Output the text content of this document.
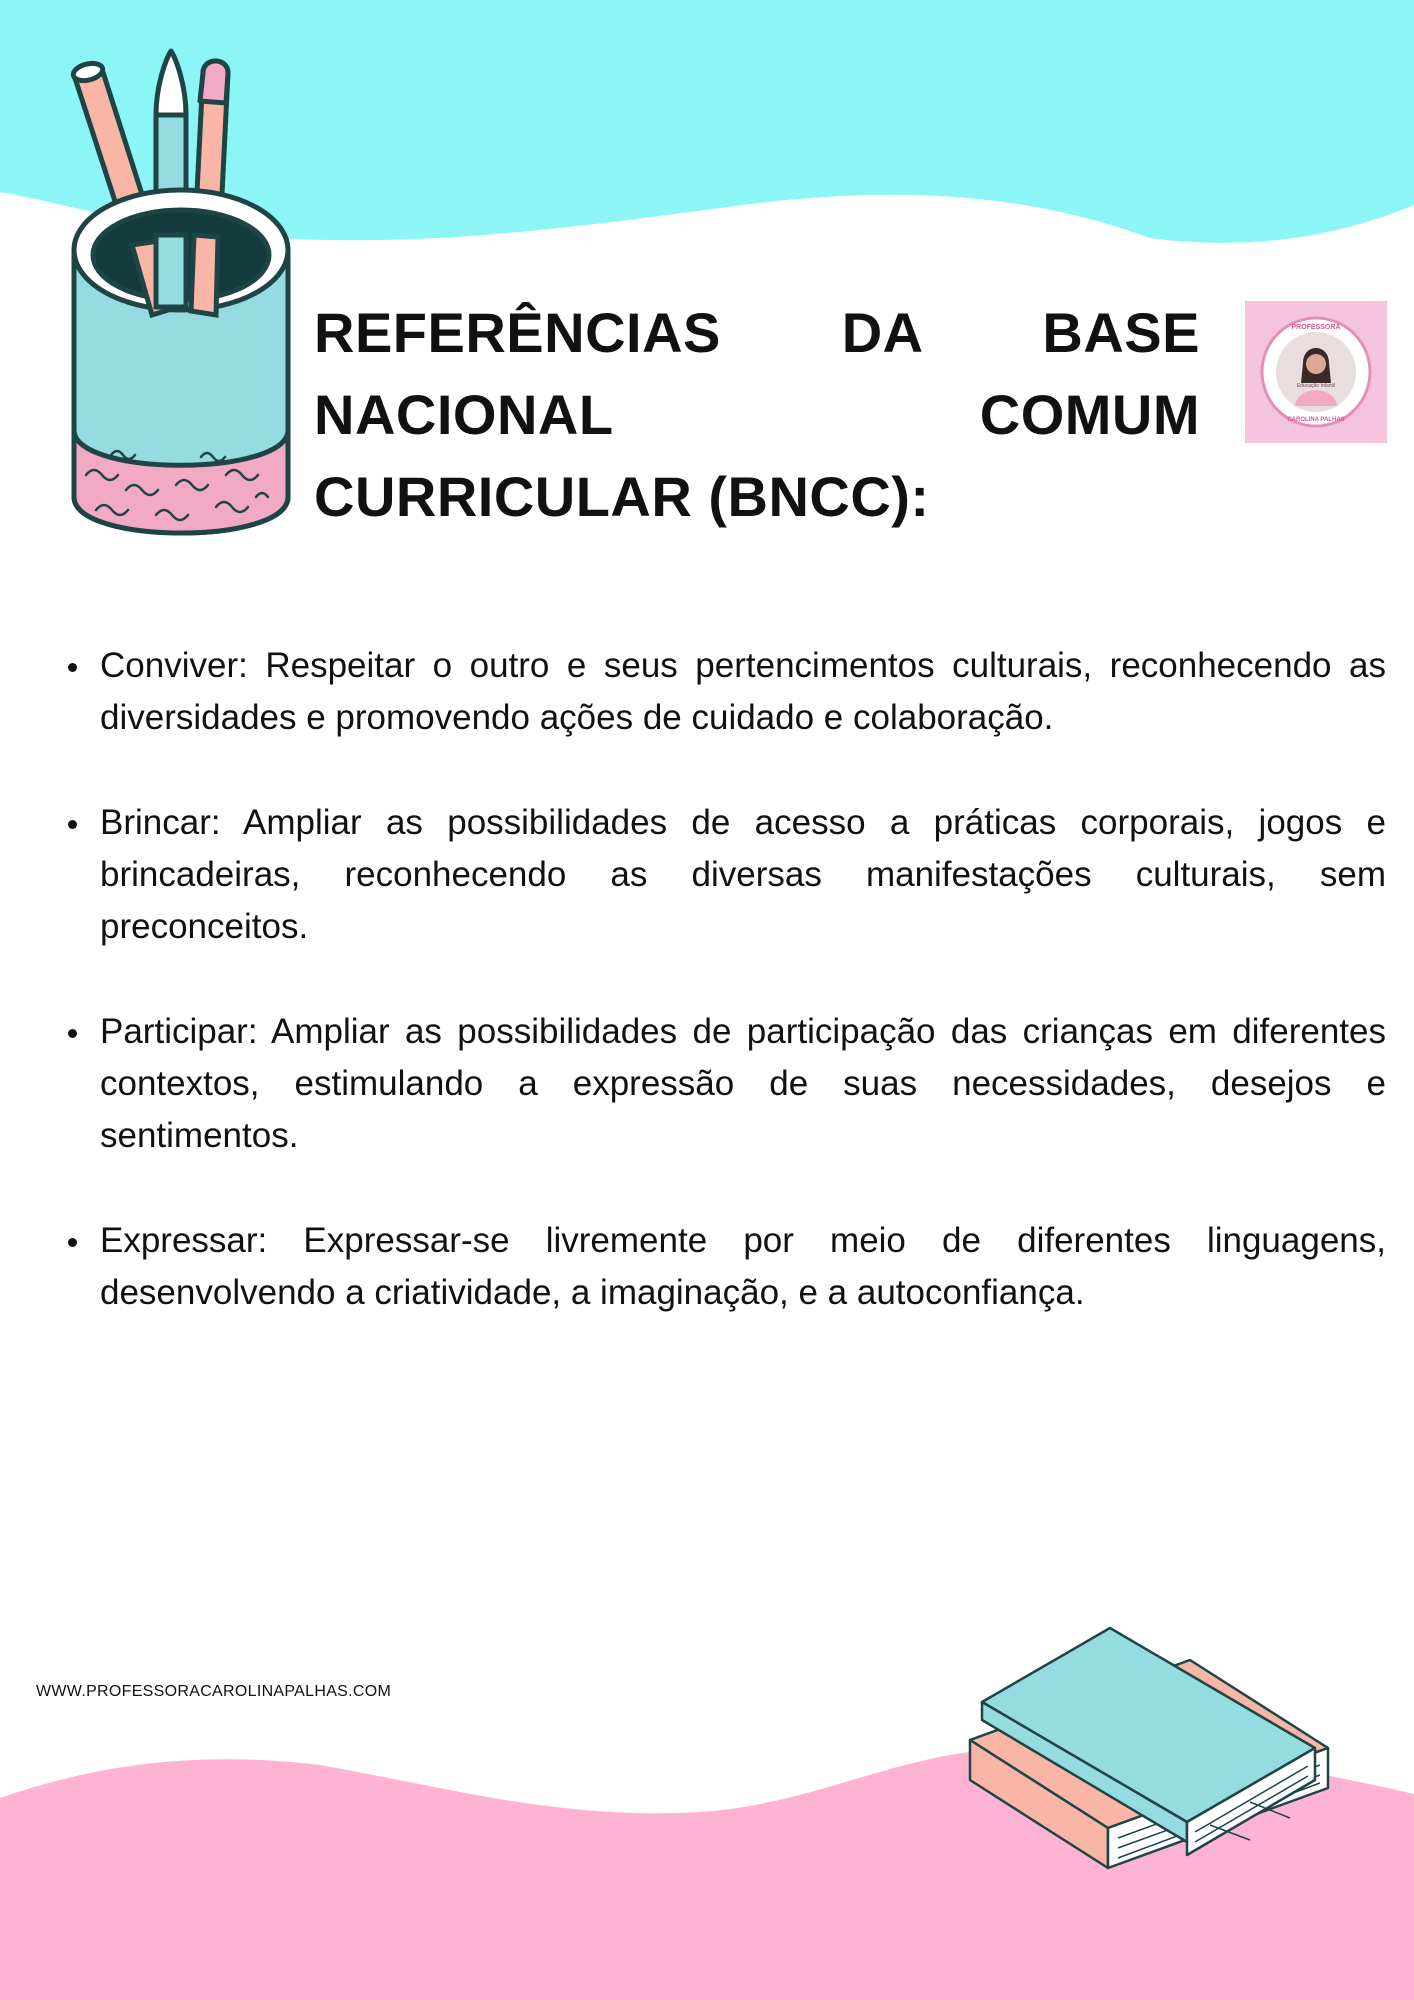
REFERÊNCIAS DA BASE NACIONAL COMUM CURRICULAR (BNCC):
Educação Infantil
PROFESSORA
CAROLINA PALHAS
Conviver: Respeitar o outro e seus pertencimentos culturais, reconhecendo as diversidades e promovendo ações de cuidado e colaboração.
Brincar: Ampliar as possibilidades de acesso a práticas corporais, jogos e brincadeiras, reconhecendo as diversas manifestações culturais, sem preconceitos.
Participar: Ampliar as possibilidades de participação das crianças em diferentes contextos, estimulando a expressão de suas necessidades, desejos e sentimentos.
Expressar: Expressar-se livremente por meio de diferentes linguagens, desenvolvendo a criatividade, a imaginação, e a autoconfiança.
WWW.PROFESSORACAROLINAPALHAS.COM
